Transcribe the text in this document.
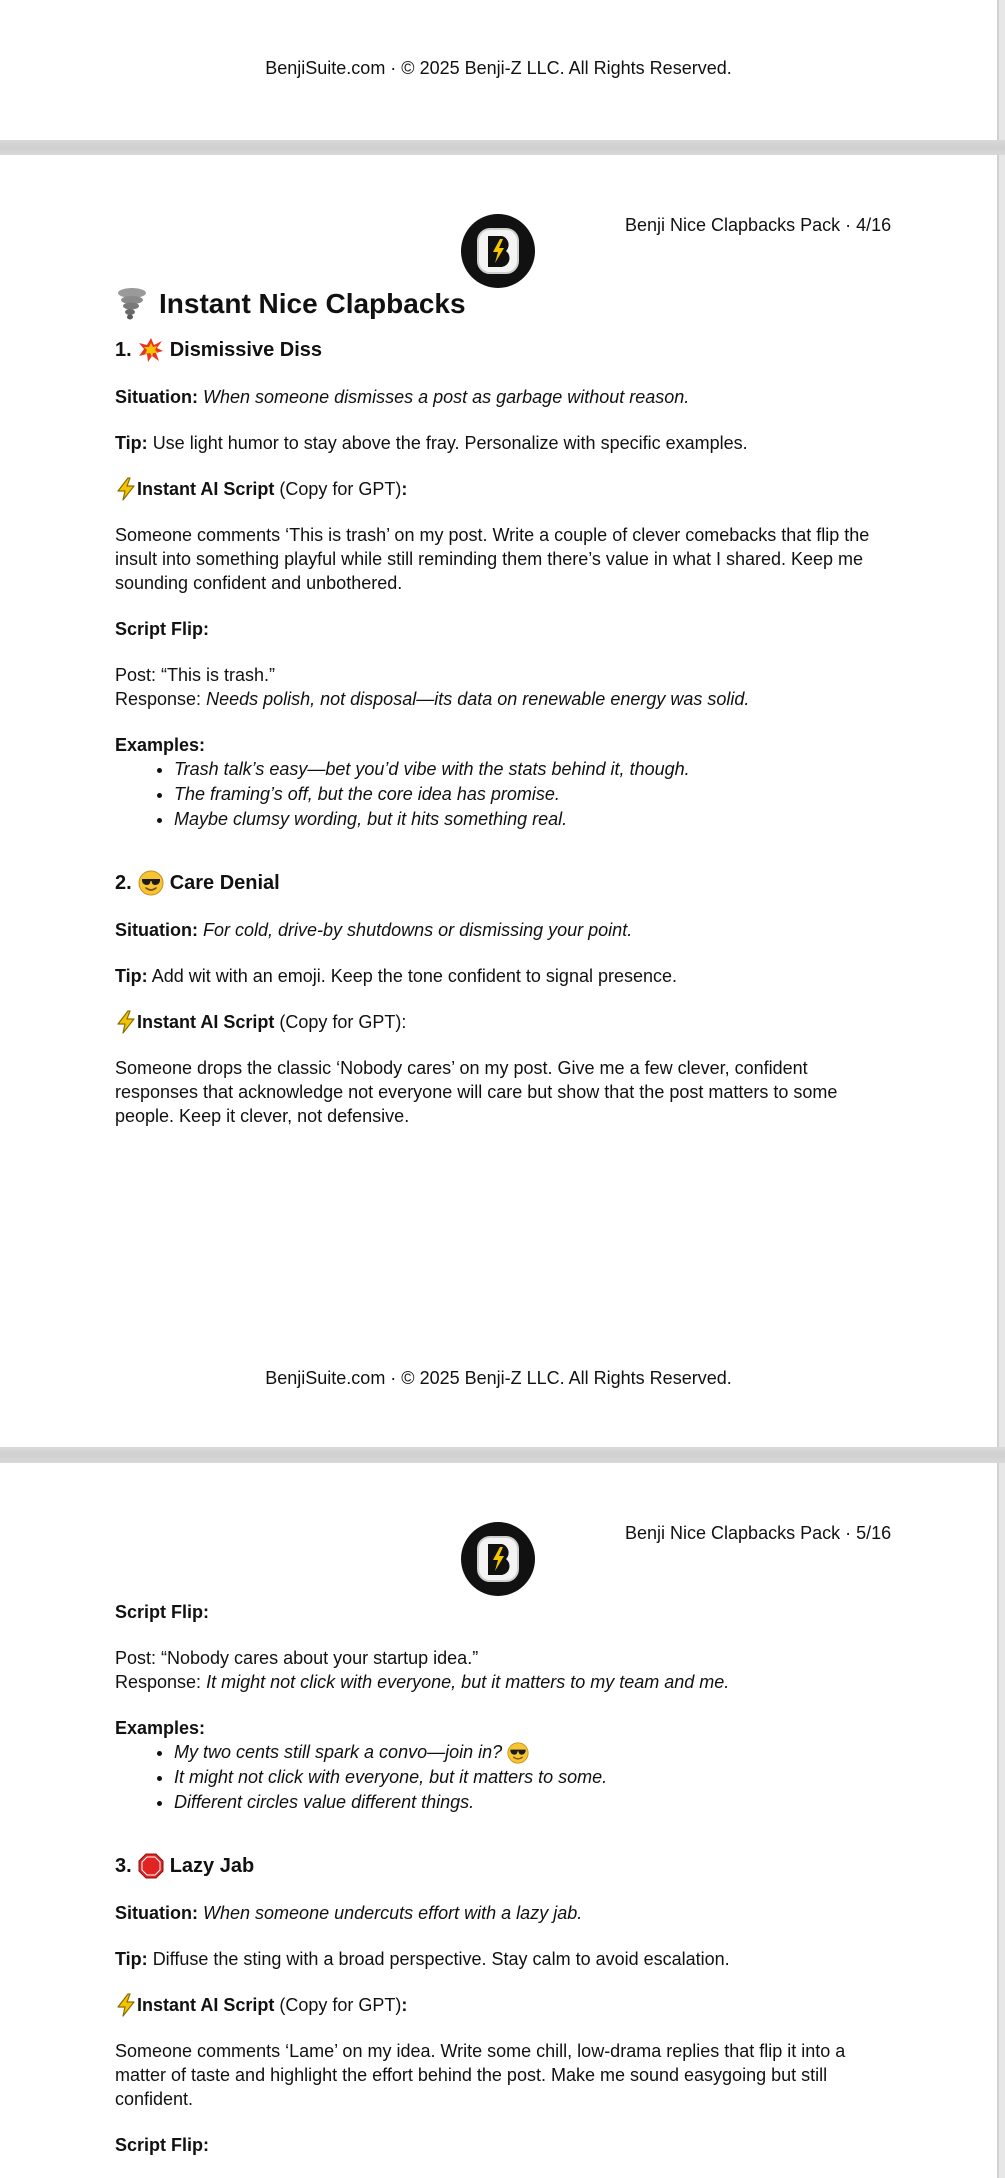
BenjiSuite.com · © 2025 Benji-Z LLC. All Rights Reserved.
Benji Nice Clapbacks Pack · 4/16
Instant Nice Clapbacks
1. Dismissive Diss

Situation: When someone dismisses a post as garbage without reason.

Tip: Use light humor to stay above the fray. Personalize with specific examples.

Instant AI Script
(Copy for GPT) :

Someone comments ‘This is trash’ on my post. Write a couple of clever comebacks that flip the insult into something playful while still reminding them there’s value in what I shared. Keep me sounding confident and unbothered.

Script Flip:

Post: “This is trash.”

Response: Needs polish, not disposal—its data on renewable energy was solid.

Examples:

• Trash talk’s easy—bet you’d vibe with the stats behind it, though.
• The framing’s off, but the core idea has promise.
• Maybe clumsy wording, but it hits something real.
2. Care Denial

Situation: For cold, drive-by shutdowns or dismissing your point.

Tip: Add wit with an emoji. Keep the tone confident to signal presence.

Instant AI Script
(Copy for GPT):

Someone drops the classic ‘Nobody cares’ on my post. Give me a few clever, confident responses that acknowledge not everyone will care but show that the post matters to some people. Keep it clever, not defensive.

BenjiSuite.com · © 2025 Benji-Z LLC. All Rights Reserved.
Benji Nice Clapbacks Pack · 5/16

Script Flip:

Post: “Nobody cares about your startup idea.”

Response: It might not click with everyone, but it matters to my team and me.

Examples:

• My two cents still spark a convo—join in?
• It might not click with everyone, but it matters to some.
• Different circles value different things.
3. Lazy Jab

Situation: When someone undercuts effort with a lazy jab.

Tip: Diffuse the sting with a broad perspective. Stay calm to avoid escalation.

Instant AI Script
(Copy for GPT) :

Someone comments ‘Lame’ on my idea. Write some chill, low-drama replies that flip it into a matter of taste and highlight the effort behind the post. Make me sound easygoing but still confident.

Script Flip:
